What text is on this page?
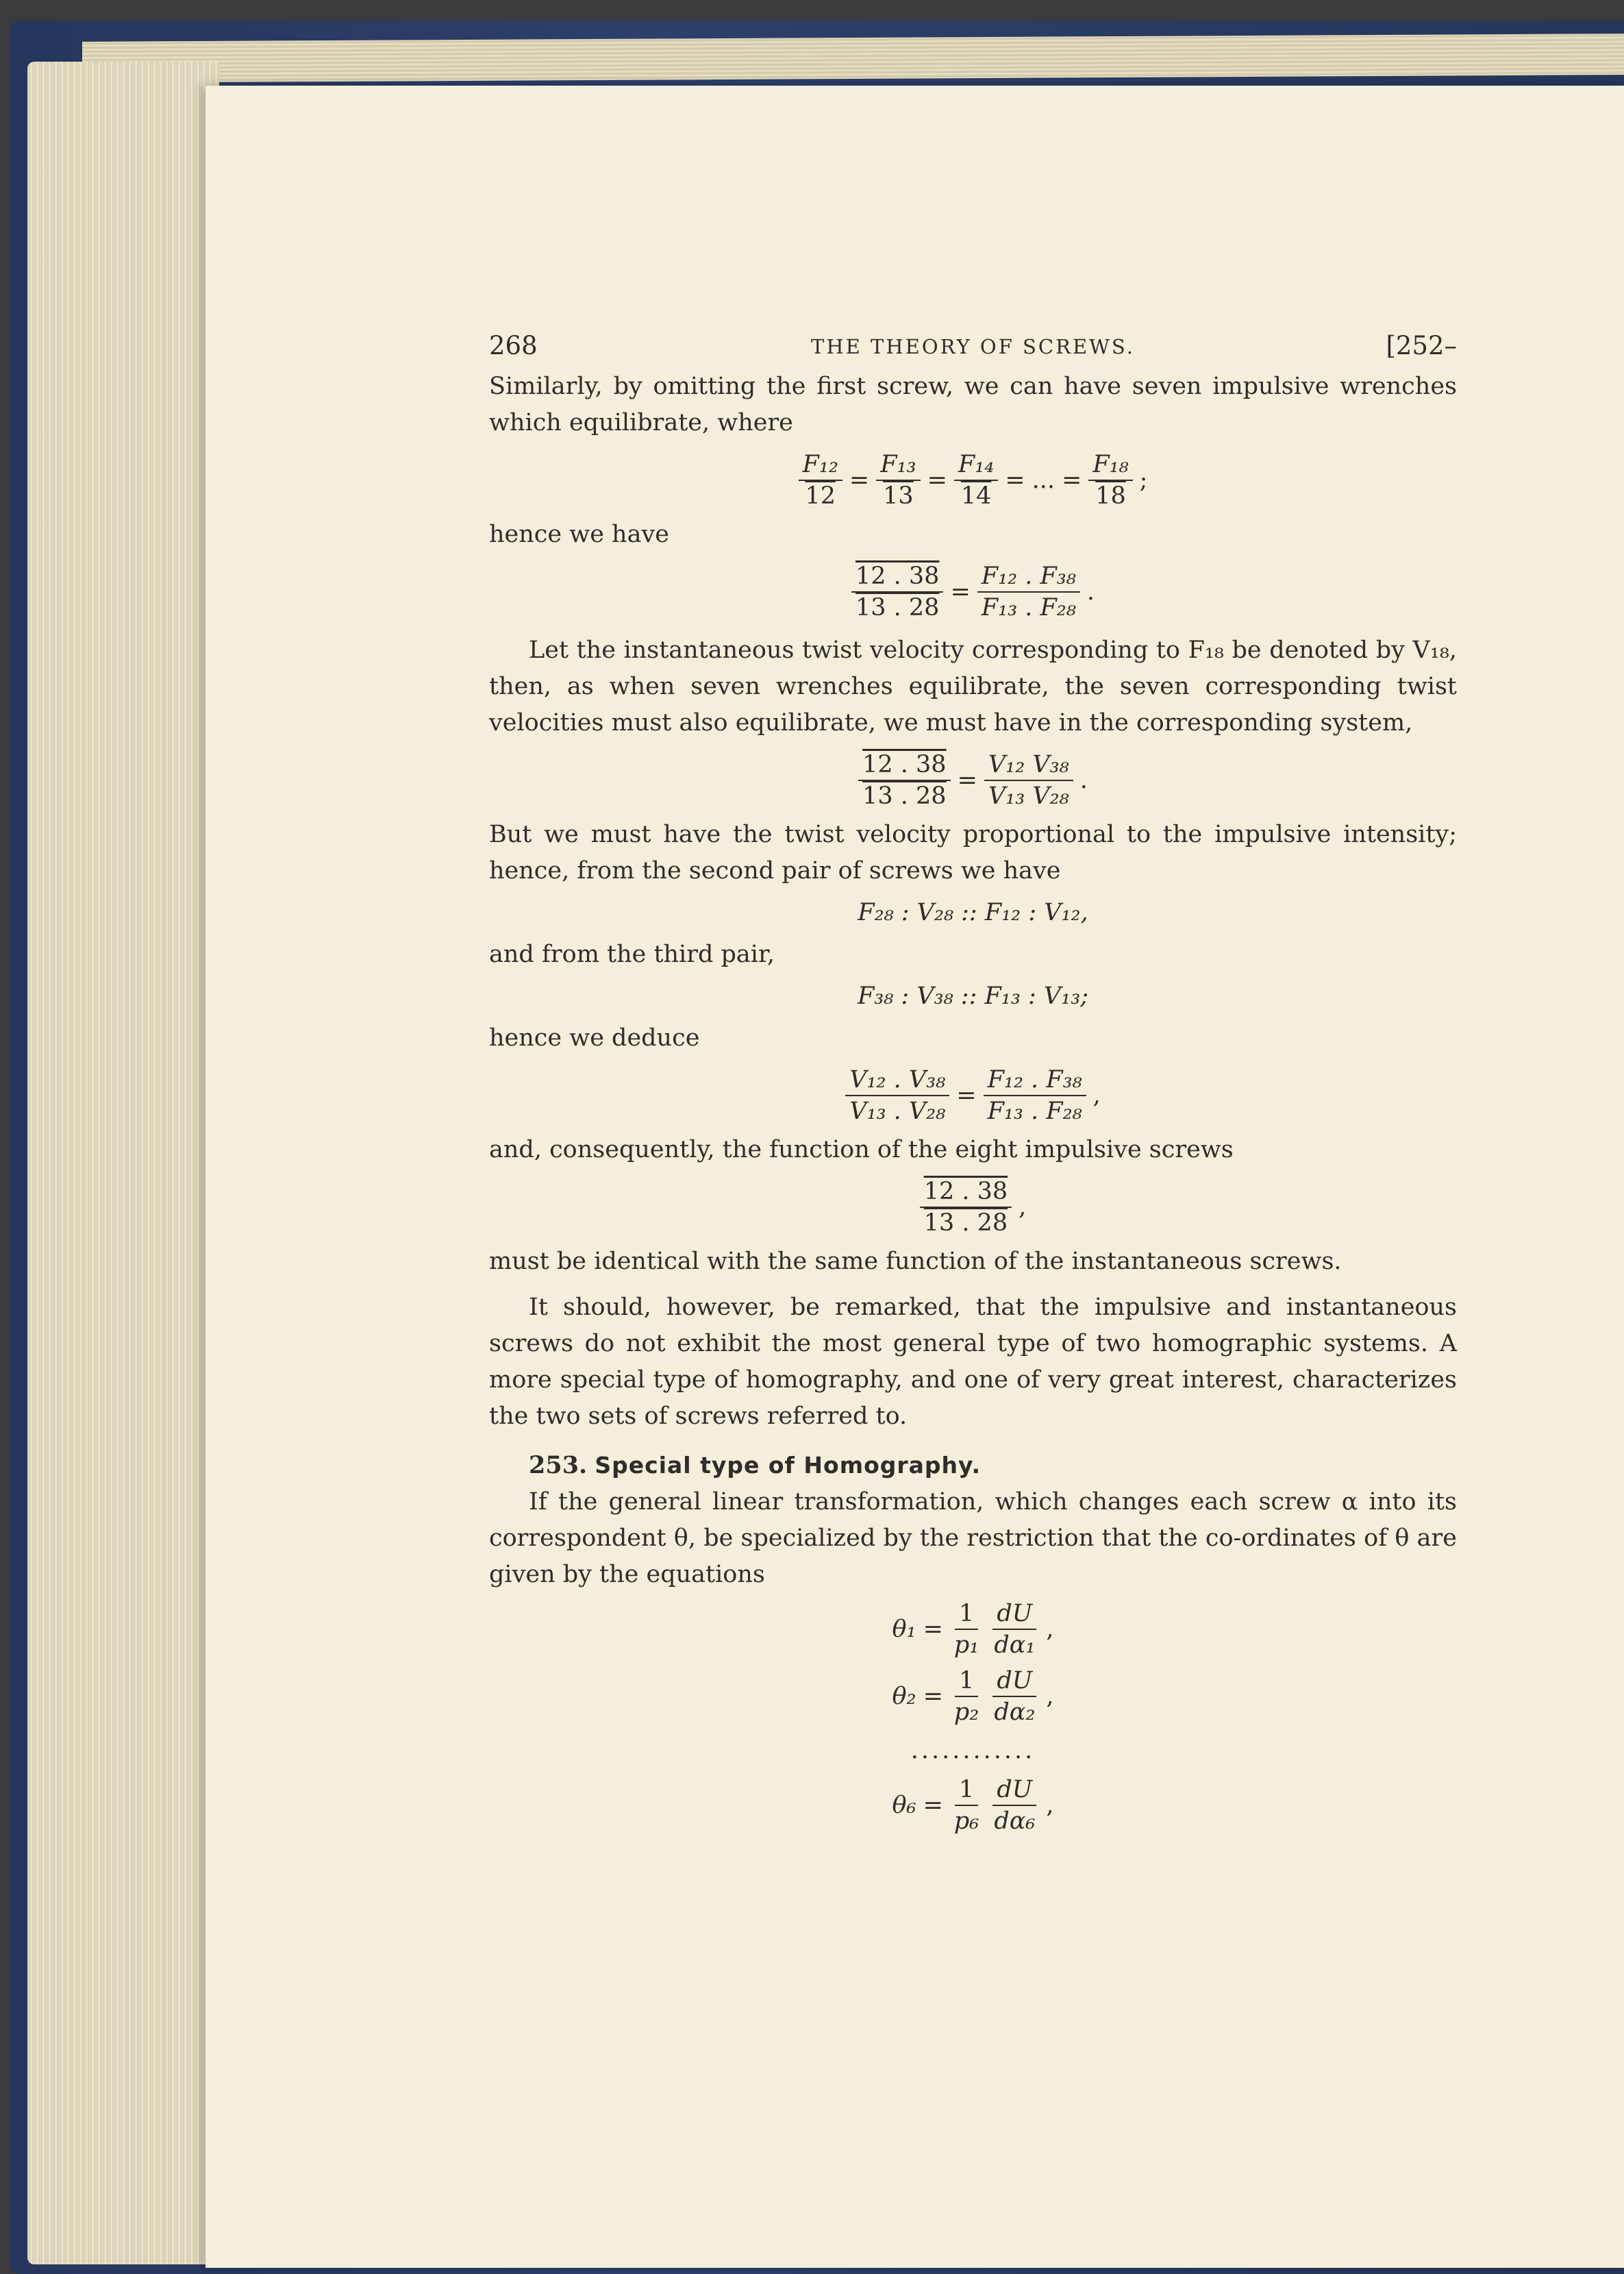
268	THE THEORY OF SCREWS.	[252–

Similarly, by omitting the first screw, we can have seven impulsive wrenches which equilibrate, where

$\frac{\text{F₁₂}}{12} = \frac{\text{F₁₃}}{13} = \frac{\text{F₁₄}}{14}$ = ... = $\frac{\text{F₁₈}}{18}$ ;

hence we have

$\frac{12 . 38}{13 . 28} = \frac{\text{F₁₂ . F₃₈}}{\text{F₁₃ . F₂₈}}$ .

Let the instantaneous twist velocity corresponding to F₁₈ be denoted by V₁₈, then, as when seven wrenches equilibrate, the seven corresponding twist velocities must also equilibrate, we must have in the corresponding system,

$\frac{12 . 38}{13 . 28} = \frac{\text{V₁₂ V₃₈}}{\text{V₁₃ V₂₈}}$ .

But we must have the twist velocity proportional to the impulsive intensity; hence, from the second pair of screws we have

F₂₈ : V₂₈ :: F₁₂ : V₁₂,

and from the third pair,

F₃₈ : V₃₈ :: F₁₃ : V₁₃;

hence we deduce

$\frac{\text{V₁₂ . V₃₈}}{\text{V₁₃ . V₂₈}} = \frac{\text{F₁₂ . F₃₈}}{\text{F₁₃ . F₂₈}}$ ,

and, consequently, the function of the eight impulsive screws

$\frac{12 . 38}{13 . 28}$ ,

must be identical with the same function of the instantaneous screws.

It should, however, be remarked, that the impulsive and instantaneous screws do not exhibit the most general type of two homographic systems. A more special type of homography, and one of very great interest, characterizes the two sets of screws referred to.

253. Special type of Homography.

If the general linear transformation, which changes each screw α into its correspondent θ, be specialized by the restriction that the co-ordinates of θ are given by the equations

$\theta_1 = \frac{1}{\text{p₁}} \frac{dU}{\text{dα₁}}$ ,
$\theta_2 = \frac{1}{\text{p₂}} \frac{dU}{\text{dα₂}}$ ,
............
$\theta_6 = \frac{1}{\text{p₆}} \frac{dU}{\text{dα₆}}$ ,
